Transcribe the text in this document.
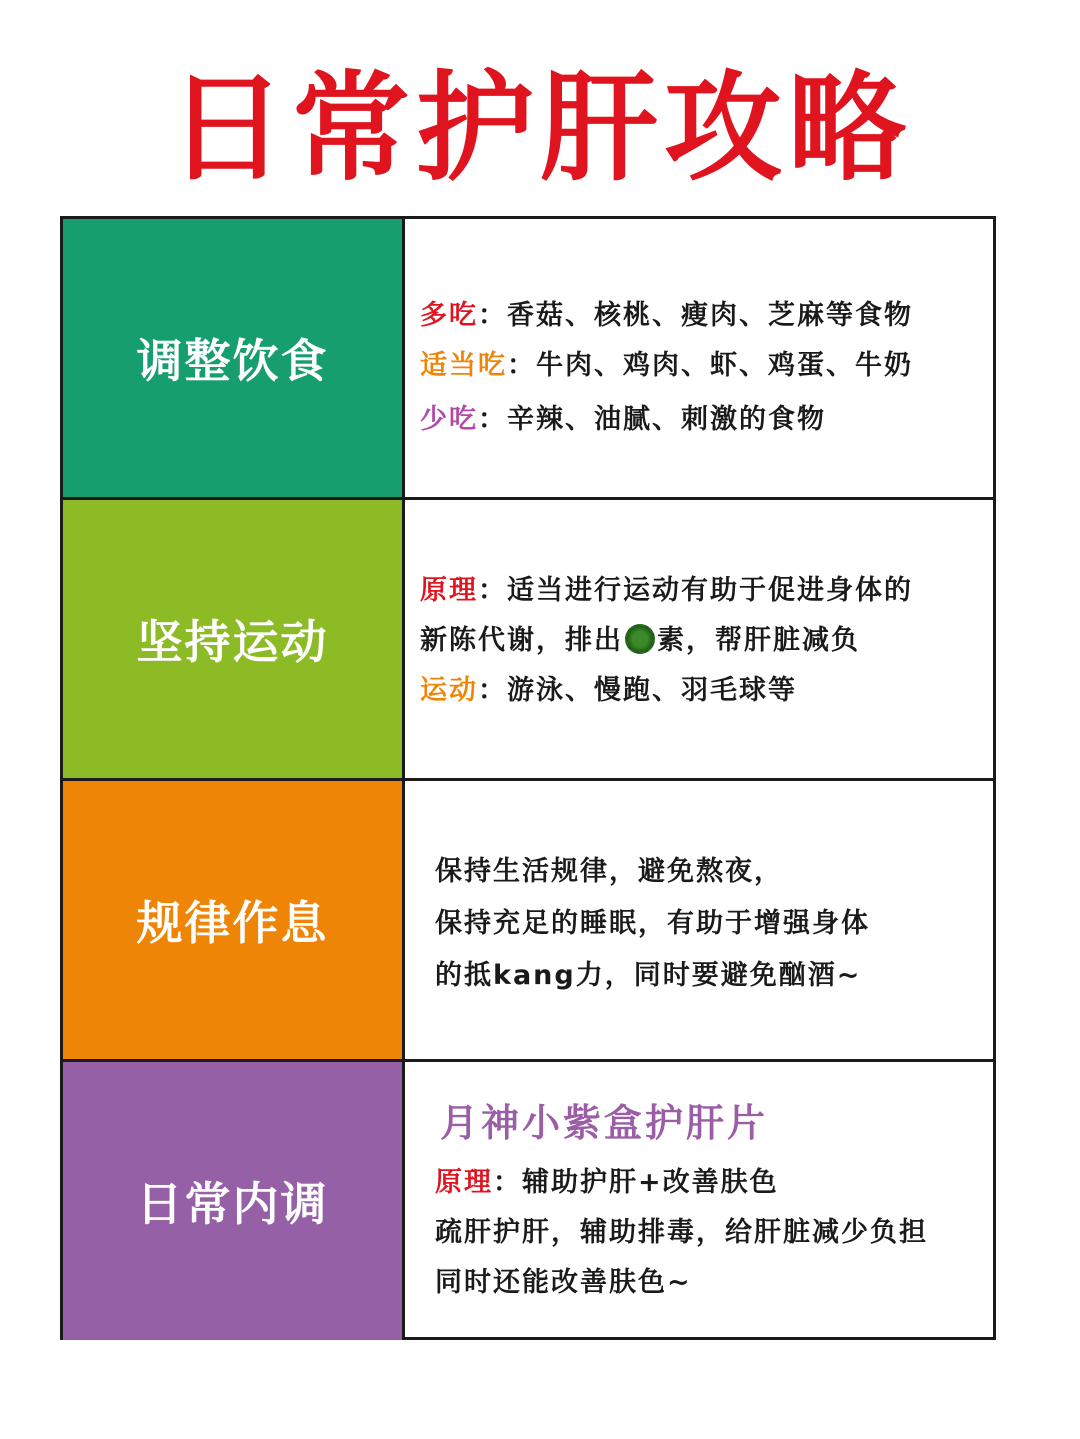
日常护肝攻略
调整饮食
多吃：香菇、核桃、瘦肉、芝麻等食物
适当吃：牛肉、鸡肉、虾、鸡蛋、牛奶
少吃：辛辣、油腻、刺激的食物
坚持运动
原理：适当进行运动有助于促进身体的
新陈代谢，排出 素，帮肝脏减负
运动：游泳、慢跑、羽毛球等
规律作息
保持生活规律，避免熬夜，
保持充足的睡眠，有助于增强身体
的抵kang力，同时要避免酗酒~
日常内调
月神小紫盒护肝片
原理：辅助护肝+改善肤色
疏肝护肝，辅助排毒，给肝脏减少负担
同时还能改善肤色~
